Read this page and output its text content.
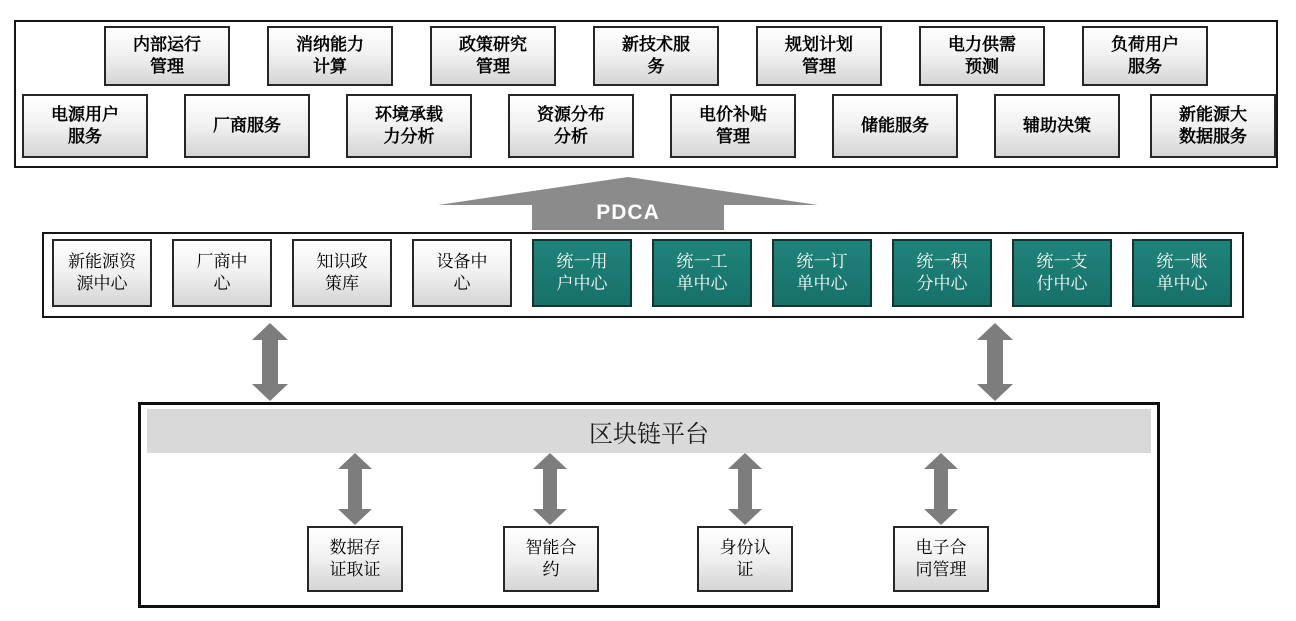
内部运行
管理
消纳能力
计算
政策研究
管理
新技术服
务
规划计划
管理
电力供需
预测
负荷用户
服务
电源用户
服务
厂商服务
环境承载
力分析
资源分布
分析
电价补贴
管理
储能服务	辅助决策
新能源大
数据服务
PDCA
新能源资
源中心
厂商中
心
知识政
策库
设备中
心
统一用
户中心
统一工
单中心
统一订
单中心
统一积
分中心
统一支
付中心
统一账
单中心
区块链平台
数据存
证取证
智能合
约
身份认
证
电子合
同管理
